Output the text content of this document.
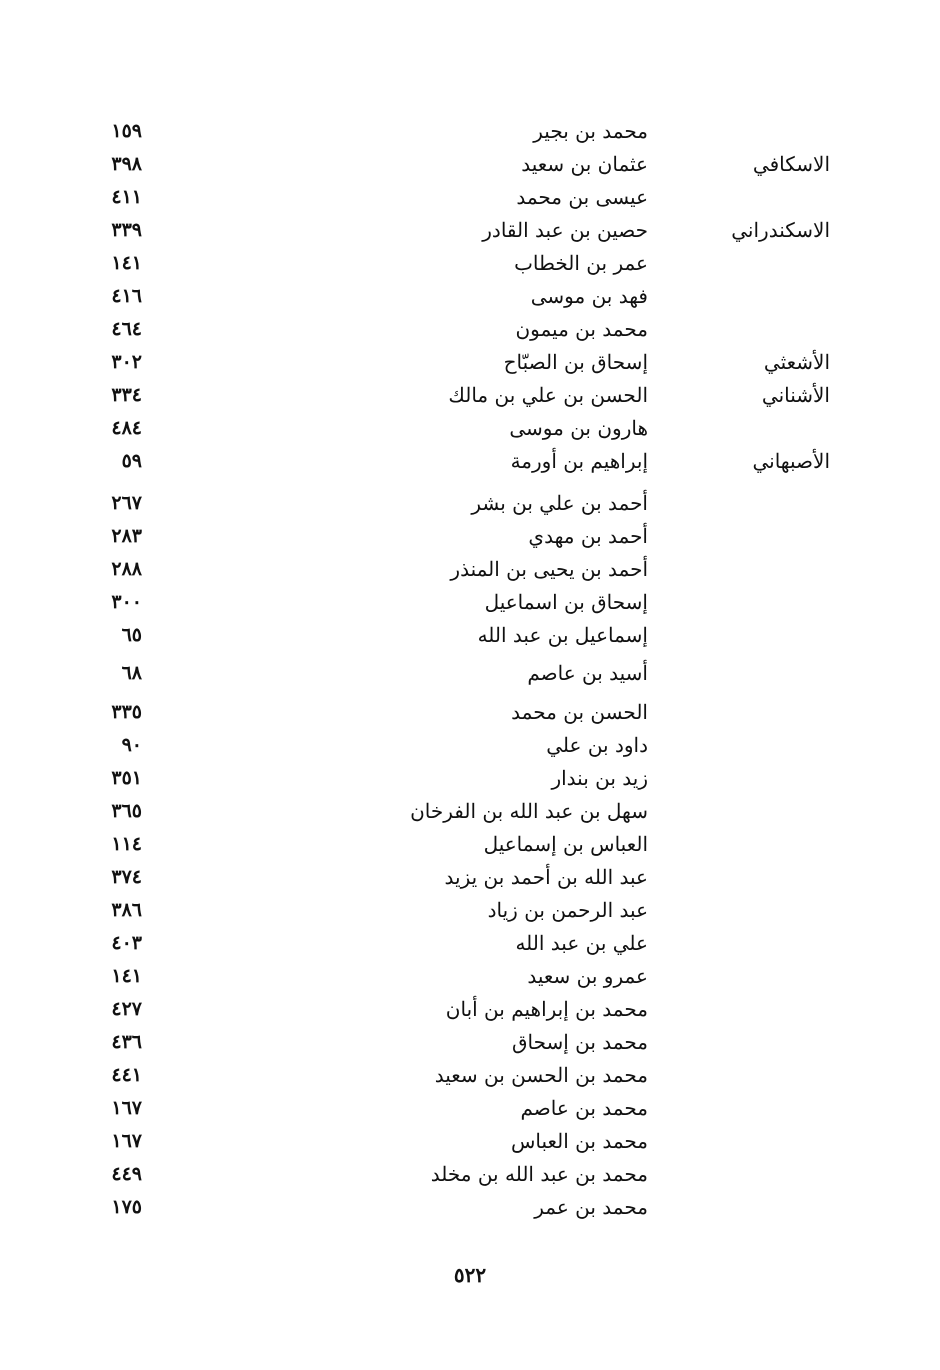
محمد بن بجير
١٥٩
الاسكافي
عثمان بن سعيد
٣٩٨
عيسى بن محمد
٤١١
الاسكندراني
حصين بن عبد القادر
٣٣٩
عمر بن الخطاب
١٤١
فهد بن موسى
٤١٦
محمد بن ميمون
٤٦٤
الأشعثي
إسحاق بن الصبّاح
٣٠٢
الأشناني
الحسن بن علي بن مالك
٣٣٤
هارون بن موسى
٤٨٤
الأصبهاني
إبراهيم بن أورمة
٥٩
أحمد بن علي بن بشر
٢٦٧
أحمد بن مهدي
٢٨٣
أحمد بن يحيى بن المنذر
٢٨٨
إسحاق بن اسماعيل
٣٠٠
إسماعيل بن عبد الله
٦٥
أسيد بن عاصم
٦٨
الحسن بن محمد
٣٣٥
داود بن علي
٩٠
زيد بن بندار
٣٥١
سهل بن عبد الله بن الفرخان
٣٦٥
العباس بن إسماعيل
١١٤
عبد الله بن أحمد بن يزيد
٣٧٤
عبد الرحمن بن زياد
٣٨٦
علي بن عبد الله
٤٠٣
عمرو بن سعيد
١٤١
محمد بن إبراهيم بن أبان
٤٢٧
محمد بن إسحاق
٤٣٦
محمد بن الحسن بن سعيد
٤٤١
محمد بن عاصم
١٦٧
محمد بن العباس
١٦٧
محمد بن عبد الله بن مخلد
٤٤٩
محمد بن عمر
١٧٥
٥٢٢
